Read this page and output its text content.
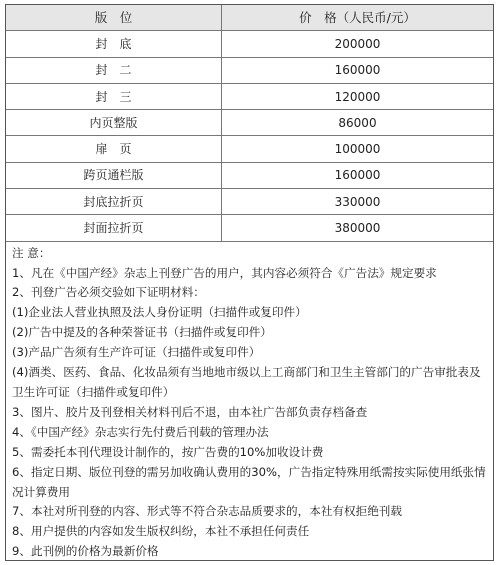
版　位	价　格（人民币/元）
封　底	200000
封　二	160000
封　三	120000
内页整版	86000
扉　页	100000
跨页通栏版	160000
封底拉折页	330000
封面拉折页	380000
注 意：
1、凡在《中国产经》杂志上刊登广告的用户，其内容必须符合《广告法》规定要求
2、刊登广告必须交验如下证明材料：
(1)企业法人营业执照及法人身份证明（扫描件或复印件）
(2)广告中提及的各种荣誉证书（扫描件或复印件）
(3)产品广告须有生产许可证（扫描件或复印件）
(4)酒类、医药、食品、化妆品须有当地地市级以上工商部门和卫生主管部门的广告审批表及卫生许可证（扫描件或复印件）
3、图片、胶片及刊登相关材料刊后不退，由本社广告部负责存档备查
4、《中国产经》杂志实行先付费后刊载的管理办法
5、需委托本刊代理设计制作的，按广告费的10%加收设计费
6、指定日期、版位刊登的需另加收确认费用的30%，广告指定特殊用纸需按实际使用纸张情况计算费用
7、本社对所刊登的内容、形式等不符合杂志品质要求的，本社有权拒绝刊载
8、用户提供的内容如发生版权纠纷，本社不承担任何责任
9、此刊例的价格为最新价格
